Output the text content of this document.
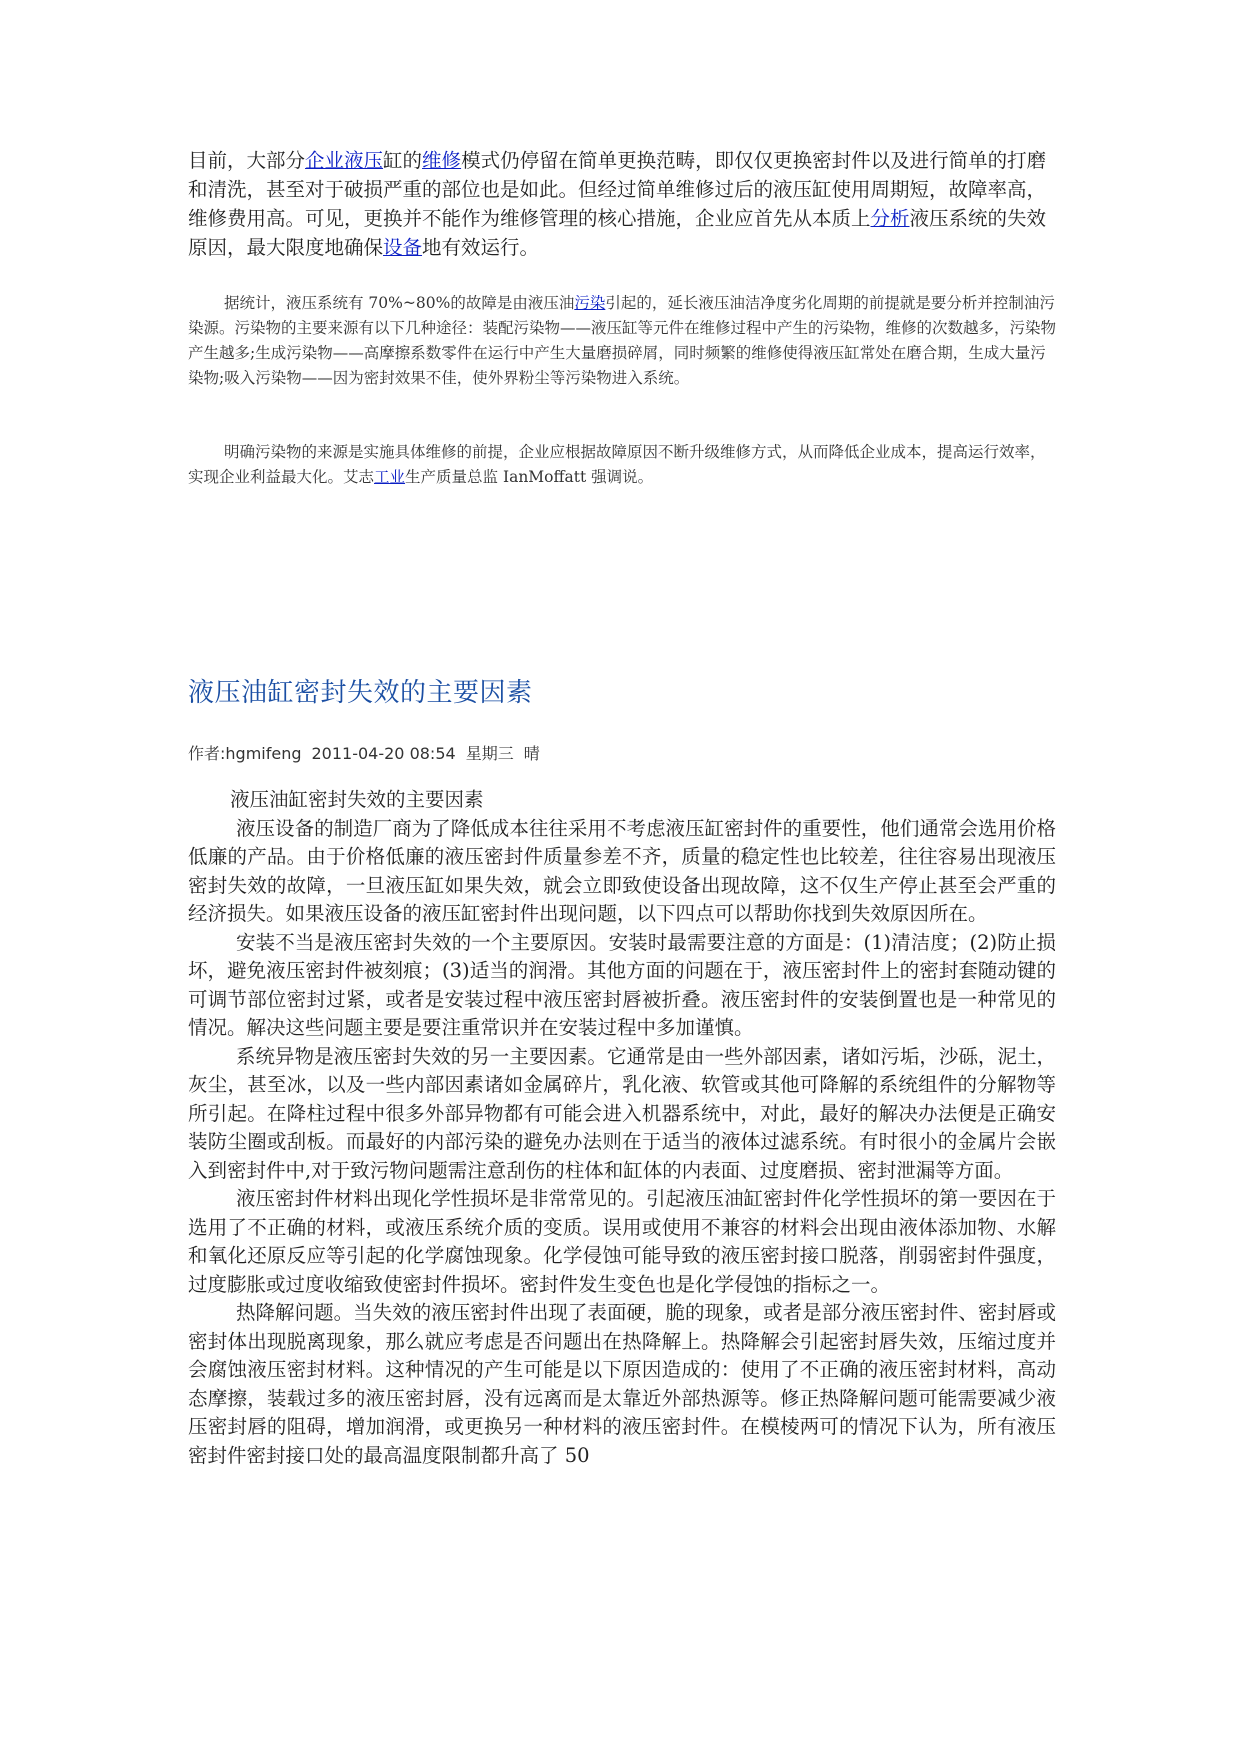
目前，大部分企业液压缸的维修模式仍停留在简单更换范畴，即仅仅更换密封件以及进行简单的打磨和清洗，甚至对于破损严重的部位也是如此。但经过简单维修过后的液压缸使用周期短，故障率高，维修费用高。可见，更换并不能作为维修管理的核心措施，企业应首先从本质上分析液压系统的失效原因，最大限度地确保设备地有效运行。

据统计，液压系统有 70%~80%的故障是由液压油污染引起的，延长液压油洁净度劣化周期的前提就是要分析并控制油污染源。污染物的主要来源有以下几种途径：装配污染物——液压缸等元件在维修过程中产生的污染物，维修的次数越多，污染物产生越多;生成污染物——高摩擦系数零件在运行中产生大量磨损碎屑，同时频繁的维修使得液压缸常处在磨合期，生成大量污染物;吸入污染物——因为密封效果不佳，使外界粉尘等污染物进入系统。

明确污染物的来源是实施具体维修的前提，企业应根据故障原因不断升级维修方式，从而降低企业成本，提高运行效率，实现企业利益最大化。艾志工业生产质量总监 IanMoffatt 强调说。

液压油缸密封失效的主要因素
作者:hgmifeng 2011-04-20 08:54 星期三 晴

液压油缸密封失效的主要因素

液压设备的制造厂商为了降低成本往往采用不考虑液压缸密封件的重要性，他们通常会选用价格低廉的产品。由于价格低廉的液压密封件质量参差不齐，质量的稳定性也比较差，往往容易出现液压密封失效的故障，一旦液压缸如果失效，就会立即致使设备出现故障，这不仅生产停止甚至会严重的经济损失。如果液压设备的液压缸密封件出现问题，以下四点可以帮助你找到失效原因所在。

安装不当是液压密封失效的一个主要原因。安装时最需要注意的方面是：(1)清洁度；(2)防止损坏，避免液压密封件被刻痕；(3)适当的润滑。其他方面的问题在于，液压密封件上的密封套随动键的可调节部位密封过紧，或者是安装过程中液压密封唇被折叠。液压密封件的安装倒置也是一种常见的情况。解决这些问题主要是要注重常识并在安装过程中多加谨慎。

系统异物是液压密封失效的另一主要因素。它通常是由一些外部因素，诸如污垢，沙砾，泥土，灰尘，甚至冰，以及一些内部因素诸如金属碎片，乳化液、软管或其他可降解的系统组件的分解物等所引起。在降柱过程中很多外部异物都有可能会进入机器系统中，对此，最好的解决办法便是正确安装防尘圈或刮板。而最好的内部污染的避免办法则在于适当的液体过滤系统。有时很小的金属片会嵌入到密封件中,对于致污物问题需注意刮伤的柱体和缸体的内表面、过度磨损、密封泄漏等方面。

液压密封件材料出现化学性损坏是非常常见的。引起液压油缸密封件化学性损坏的第一要因在于选用了不正确的材料，或液压系统介质的变质。误用或使用不兼容的材料会出现由液体添加物、水解和氧化还原反应等引起的化学腐蚀现象。化学侵蚀可能导致的液压密封接口脱落，削弱密封件强度，过度膨胀或过度收缩致使密封件损坏。密封件发生变色也是化学侵蚀的指标之一。

热降解问题。当失效的液压密封件出现了表面硬，脆的现象，或者是部分液压密封件、密封唇或密封体出现脱离现象，那么就应考虑是否问题出在热降解上。热降解会引起密封唇失效，压缩过度并会腐蚀液压密封材料。这种情况的产生可能是以下原因造成的：使用了不正确的液压密封材料，高动态摩擦，装载过多的液压密封唇，没有远离而是太靠近外部热源等。修正热降解问题可能需要减少液压密封唇的阻碍，增加润滑，或更换另一种材料的液压密封件。在模棱两可的情况下认为，所有液压密封件密封接口处的最高温度限制都升高了 50
